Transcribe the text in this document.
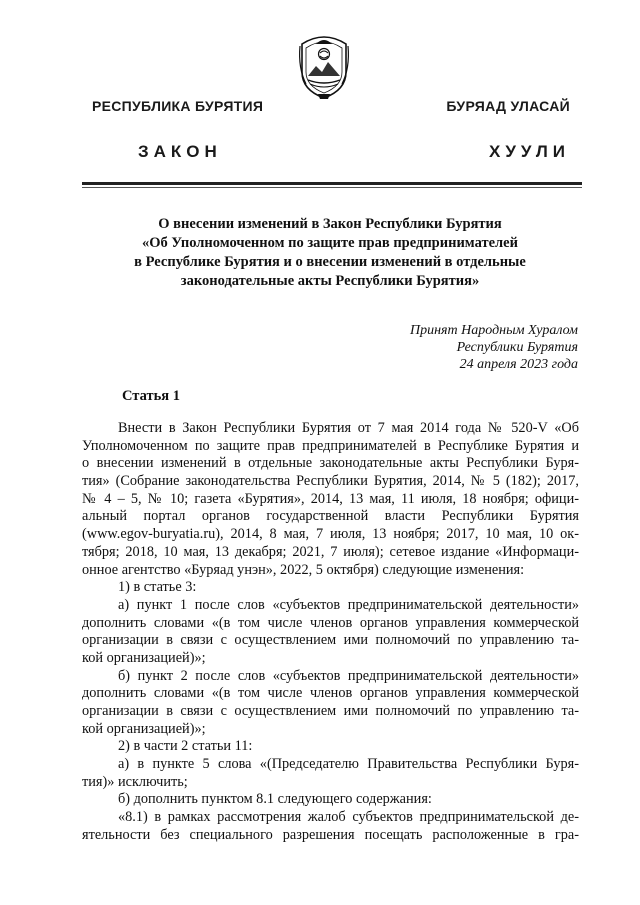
РЕСПУБЛИКА БУРЯТИЯ	БУРЯАД УЛАСАЙ
ЗАКОН	ХУУЛИ
О внесении изменений в Закон Республики Бурятия
«Об Уполномоченном по защите прав предпринимателей
в Республике Бурятия и о внесении изменений в отдельные
законодательные акты Республики Бурятия»
Принят Народным Хуралом
Республики Бурятия
24 апреля 2023 года
Статья 1
Внести в Закон Республики Бурятия от 7 мая 2014 года № 520-V «Об
Уполномоченном по защите прав предпринимателей в Республике Бурятия и
о внесении изменений в отдельные законодательные акты Республики Буря-
тия» (Собрание законодательства Республики Бурятия, 2014, № 5 (182); 2017,
№ 4 – 5, № 10; газета «Бурятия», 2014, 13 мая, 11 июля, 18 ноября; офици-
альный портал органов государственной власти Республики Бурятия
(www.egov-buryatia.ru), 2014, 8 мая, 7 июля, 13 ноября; 2017, 10 мая, 10 ок-
тября; 2018, 10 мая, 13 декабря; 2021, 7 июля); сетевое издание «Информаци-
онное агентство «Буряад унэн», 2022, 5 октября) следующие изменения:
1) в статье 3:
а) пункт 1 после слов «субъектов предпринимательской деятельности»
дополнить словами «(в том числе членов органов управления коммерческой
организации в связи с осуществлением ими полномочий по управлению та-
кой организацией)»;
б) пункт 2 после слов «субъектов предпринимательской деятельности»
дополнить словами «(в том числе членов органов управления коммерческой
организации в связи с осуществлением ими полномочий по управлению та-
кой организацией)»;
2) в части 2 статьи 11:
а) в пункте 5 слова «(Председателю Правительства Республики Буря-
тия)» исключить;
б) дополнить пунктом 8.1 следующего содержания:
«8.1) в рамках рассмотрения жалоб субъектов предпринимательской де-
ятельности без специального разрешения посещать расположенные в гра-
